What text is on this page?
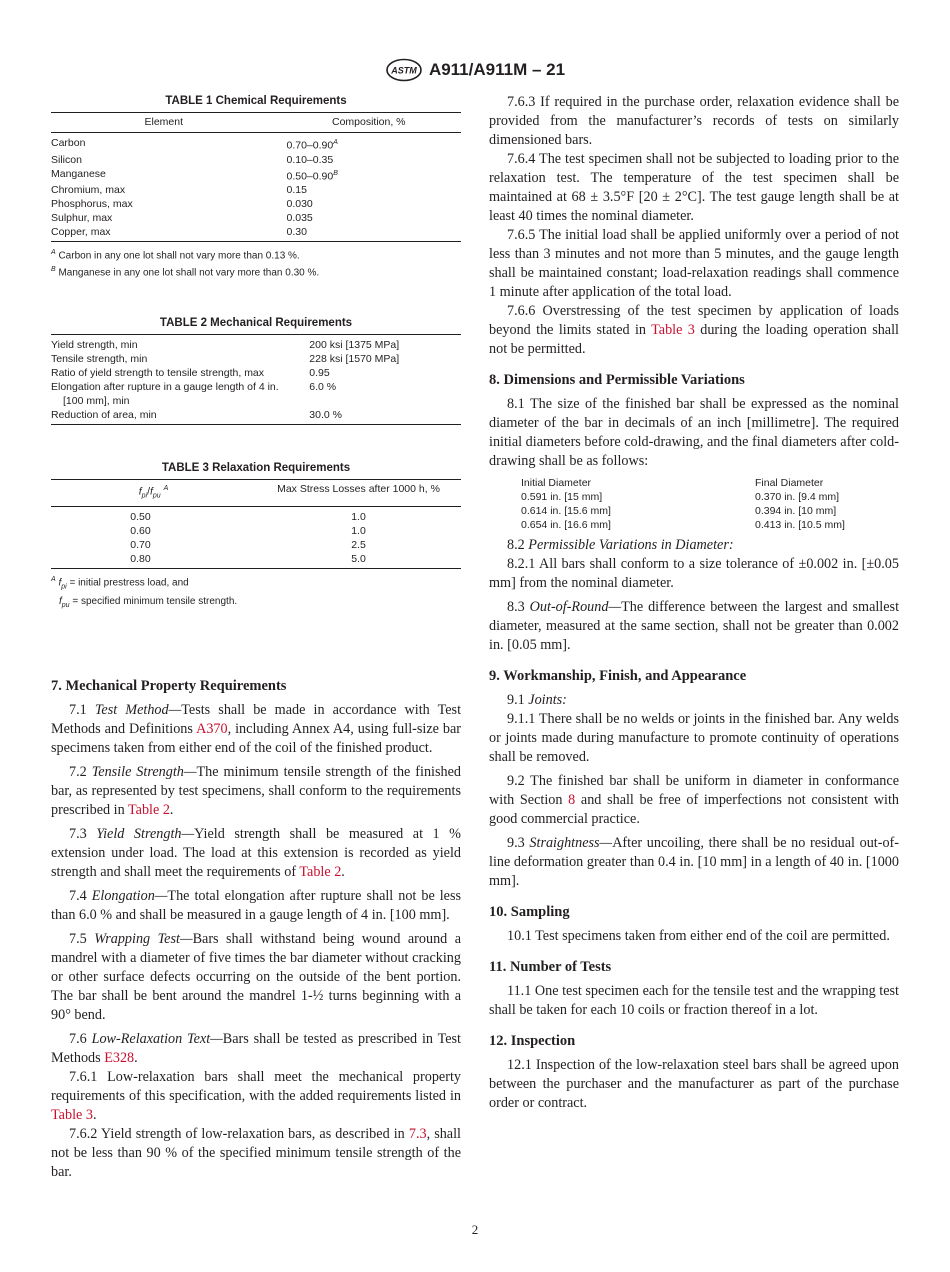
ASTM A911/A911M – 21
TABLE 1 Chemical Requirements
Element	Composition, %
Carbon	$0.70-0.90^A$
Silicon	0.10–0.35
Manganese	$0.50-0.90^B$
Chromium, max	0.15
Phosphorus, max	0.030
Sulphur, max	0.035
Copper, max	0.30
$^A$ Carbon in any one lot shall not vary more than 0.13 %.
$^B$ Manganese in any one lot shall not vary more than 0.30 %.
TABLE 2 Mechanical Requirements
Yield strength, min	200 ksi [1375 MPa]
Tensile strength, min	228 ksi [1570 MPa]
Ratio of yield strength to tensile strength, max	0.95
Elongation after rupture in a gauge length of 4 in.
[100 mm], min	6.0 %
Reduction of area, min	30.0 %
TABLE 3 Relaxation Requirements
$f_{pi}/f_{pu}$ $^A$	Max Stress Losses after 1000 h, %
0.50	1.0
0.60	1.0
0.70	2.5
0.80	5.0
$^A$ $f_{pi}$ = initial prestress load, and
$f_{pu}$ = specified minimum tensile strength.
7. Mechanical Property Requirements

7.1 Test Method—Tests shall be made in accordance with Test Methods and Definitions A370, including Annex A4, using full-size bar specimens taken from either end of the coil of the finished product.

7.2 Tensile Strength—The minimum tensile strength of the finished bar, as represented by test specimens, shall conform to the requirements prescribed in Table 2.

7.3 Yield Strength—Yield strength shall be measured at 1 % extension under load. The load at this extension is recorded as yield strength and shall meet the requirements of Table 2.

7.4 Elongation—The total elongation after rupture shall not be less than 6.0 % and shall be measured in a gauge length of 4 in. [100 mm].

7.5 Wrapping Test—Bars shall withstand being wound around a mandrel with a diameter of five times the bar diameter without cracking or other surface defects occurring on the outside of the bent portion. The bar shall be bent around the mandrel 1-½ turns beginning with a 90° bend.

7.6 Low-Relaxation Text—Bars shall be tested as prescribed in Test Methods E328.

7.6.1 Low-relaxation bars shall meet the mechanical property requirements of this specification, with the added requirements listed in Table 3.

7.6.2 Yield strength of low-relaxation bars, as described in 7.3, shall not be less than 90 % of the specified minimum tensile strength of the bar.

7.6.3 If required in the purchase order, relaxation evidence shall be provided from the manufacturer’s records of tests on similarly dimensioned bars.

7.6.4 The test specimen shall not be subjected to loading prior to the relaxation test. The temperature of the test specimen shall be maintained at 68 ± 3.5°F [20 ± 2°C]. The test gauge length shall be at least 40 times the nominal diameter.

7.6.5 The initial load shall be applied uniformly over a period of not less than 3 minutes and not more than 5 minutes, and the gauge length shall be maintained constant; load-relaxation readings shall commence 1 minute after application of the total load.

7.6.6 Overstressing of the test specimen by application of loads beyond the limits stated in Table 3 during the loading operation shall not be permitted.

8. Dimensions and Permissible Variations

8.1 The size of the finished bar shall be expressed as the nominal diameter of the bar in decimals of an inch [millimetre]. The required initial diameters before cold-drawing, and the final diameters after cold-drawing shall be as follows:

Initial Diameter	Final Diameter
0.591 in. [15 mm]	0.370 in. [9.4 mm]
0.614 in. [15.6 mm]	0.394 in. [10 mm]
0.654 in. [16.6 mm]	0.413 in. [10.5 mm]

8.2 Permissible Variations in Diameter:

8.2.1 All bars shall conform to a size tolerance of ±0.002 in. [±0.05 mm] from the nominal diameter.

8.3 Out-of-Round—The difference between the largest and smallest diameter, measured at the same section, shall not be greater than 0.002 in. [0.05 mm].

9. Workmanship, Finish, and Appearance

9.1 Joints:

9.1.1 There shall be no welds or joints in the finished bar. Any welds or joints made during manufacture to promote continuity of operations shall be removed.

9.2 The finished bar shall be uniform in diameter in conformance with Section 8 and shall be free of imperfections not consistent with good commercial practice.

9.3 Straightness—After uncoiling, there shall be no residual out-of-line deformation greater than 0.4 in. [10 mm] in a length of 40 in. [1000 mm].

10. Sampling

10.1 Test specimens taken from either end of the coil are permitted.

11. Number of Tests

11.1 One test specimen each for the tensile test and the wrapping test shall be taken for each 10 coils or fraction thereof in a lot.

12. Inspection

12.1 Inspection of the low-relaxation steel bars shall be agreed upon between the purchaser and the manufacturer as part of the purchase order or contract.

2
